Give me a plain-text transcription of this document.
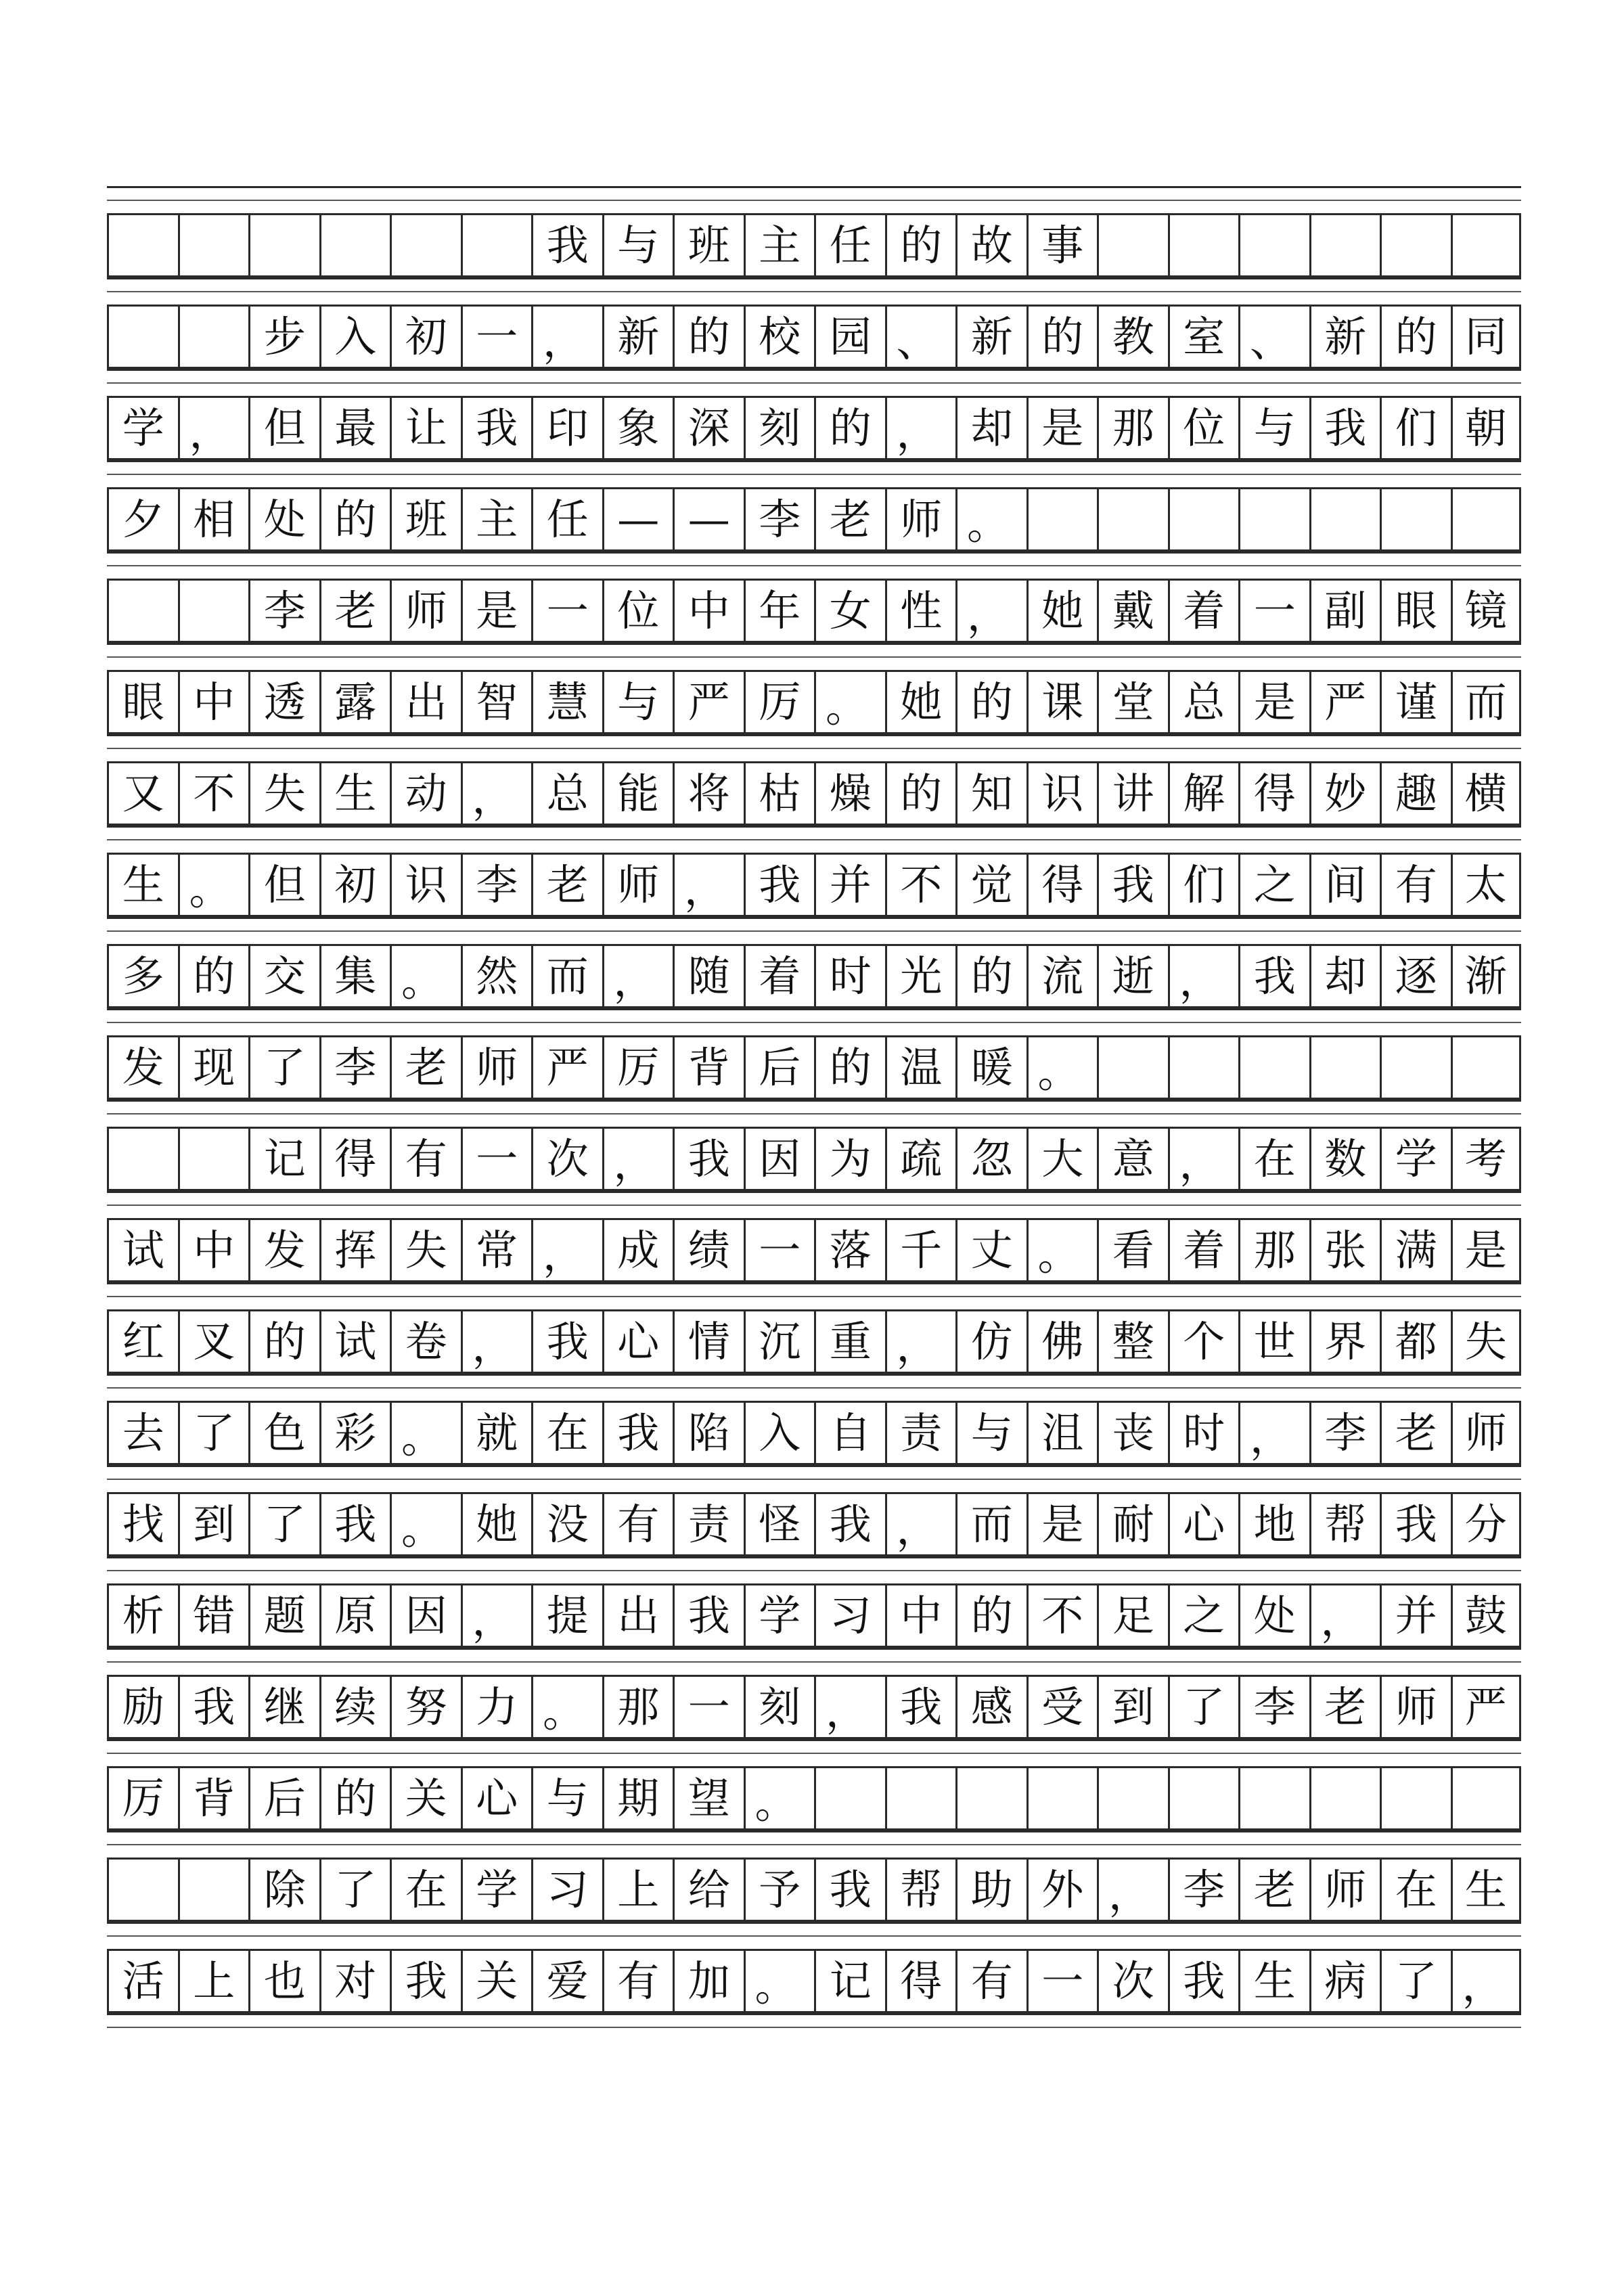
我 与 班 主 任 的 故 事
步 入 初 一 ， 新 的 校 园 、 新 的 教 室 、 新 的 同
学 ， 但 最 让 我 印 象 深 刻 的 ， 却 是 那 位 与 我 们 朝
夕 相 处 的 班 主 任 — — 李 老 师 。
李 老 师 是 一 位 中 年 女 性 ， 她 戴 着 一 副 眼 镜
眼 中 透 露 出 智 慧 与 严 厉 。 她 的 课 堂 总 是 严 谨 而
又 不 失 生 动 ， 总 能 将 枯 燥 的 知 识 讲 解 得 妙 趣 横
生 。 但 初 识 李 老 师 ， 我 并 不 觉 得 我 们 之 间 有 太
多 的 交 集 。 然 而 ， 随 着 时 光 的 流 逝 ， 我 却 逐 渐
发 现 了 李 老 师 严 厉 背 后 的 温 暖 。
记 得 有 一 次 ， 我 因 为 疏 忽 大 意 ， 在 数 学 考
试 中 发 挥 失 常 ， 成 绩 一 落 千 丈 。 看 着 那 张 满 是
红 叉 的 试 卷 ， 我 心 情 沉 重 ， 仿 佛 整 个 世 界 都 失
去 了 色 彩 。 就 在 我 陷 入 自 责 与 沮 丧 时 ， 李 老 师
找 到 了 我 。 她 没 有 责 怪 我 ， 而 是 耐 心 地 帮 我 分
析 错 题 原 因 ， 提 出 我 学 习 中 的 不 足 之 处 ， 并 鼓
励 我 继 续 努 力 。 那 一 刻 ， 我 感 受 到 了 李 老 师 严
厉 背 后 的 关 心 与 期 望 。
除 了 在 学 习 上 给 予 我 帮 助 外 ， 李 老 师 在 生
活 上 也 对 我 关 爱 有 加 。 记 得 有 一 次 我 生 病 了 ，
